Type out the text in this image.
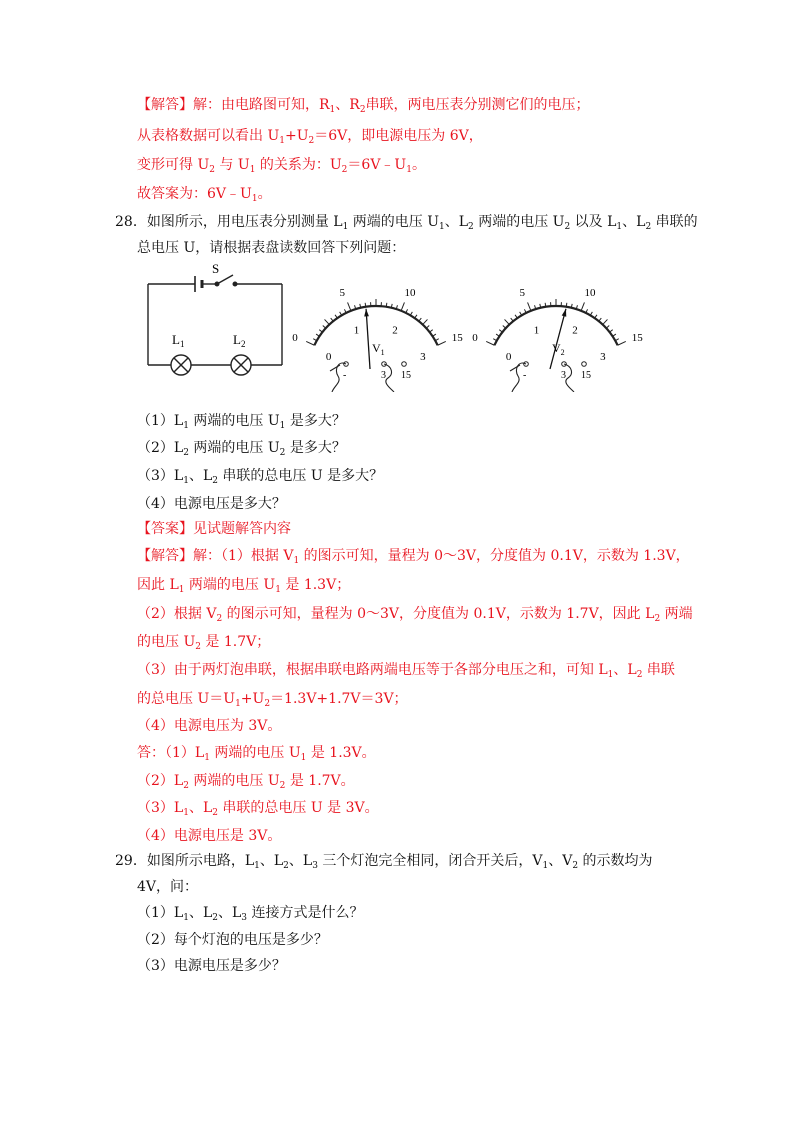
【解答】解：由电路图可知，$R_1$、$R_2$串联，两电压表分别测它们的电压；
从表格数据可以看出 $U_1+U_2=6V$，即电源电压为 6V，
变形可得 $U_2$ 与 $U_1$ 的关系为：$U_2=6V﹣U_1$。
故答案为：$6V﹣U_1$。
28．如图所示，用电压表分别测量 $L_1$ 两端的电压 $U_1$、$L_2$ 两端的电压 $U_2$ 以及 $L_1$、$L_2$ 串联的
总电压 U，请根据表盘读数回答下列问题：
S
$L_1$	$L_2$
0
5	10
15
0
1	2
3
$V_1$
-	3 15
0
5	10
15
0
1	2
3
$V_2$
-	3 15
$(1)L_1$ 两端的电压 $U_1$ 是多大？
$(2)L_2$ 两端的电压 $U_2$ 是多大？
$(3)L_1$、$L_2$ 串联的总电压 U 是多大？
（4）电源电压是多大？
【答案】见试题解答内容
【解答】解：（1）根据 $V_1$ 的图示可知，量程为 0～3V，分度值为 0.1V，示数为 1.3V，
因此 $L_1$ 两端的电压 $U_1$ 是 1.3V；
（2）根据 $V_2$ 的图示可知，量程为 0～3V，分度值为 0.1V，示数为 1.7V，因此 $L_2$ 两端
的电压 $U_2$ 是 1.7V；
（3）由于两灯泡串联，根据串联电路两端电压等于各部分电压之和，可知 $L_1$、$L_2$ 串联
的总电压 $U=U_1+U_2=1.3V+1.7V=3V$；
（4）电源电压为 3V。
答：$(1)L_1$ 两端的电压 $U_1$ 是 1.3V。
$(2)L_2$ 两端的电压 $U_2$ 是 1.7V。
$(3)L_1$、$L_2$ 串联的总电压 U 是 3V。
（4）电源电压是 3V。
29．如图所示电路，$L_1$、$L_2$、$L_3$ 三个灯泡完全相同，闭合开关后，$V_1$、$V_2$ 的示数均为
4V，问：
$(1)L_1$、$L_2$、$L_3$ 连接方式是什么？
（2）每个灯泡的电压是多少？
（3）电源电压是多少？
